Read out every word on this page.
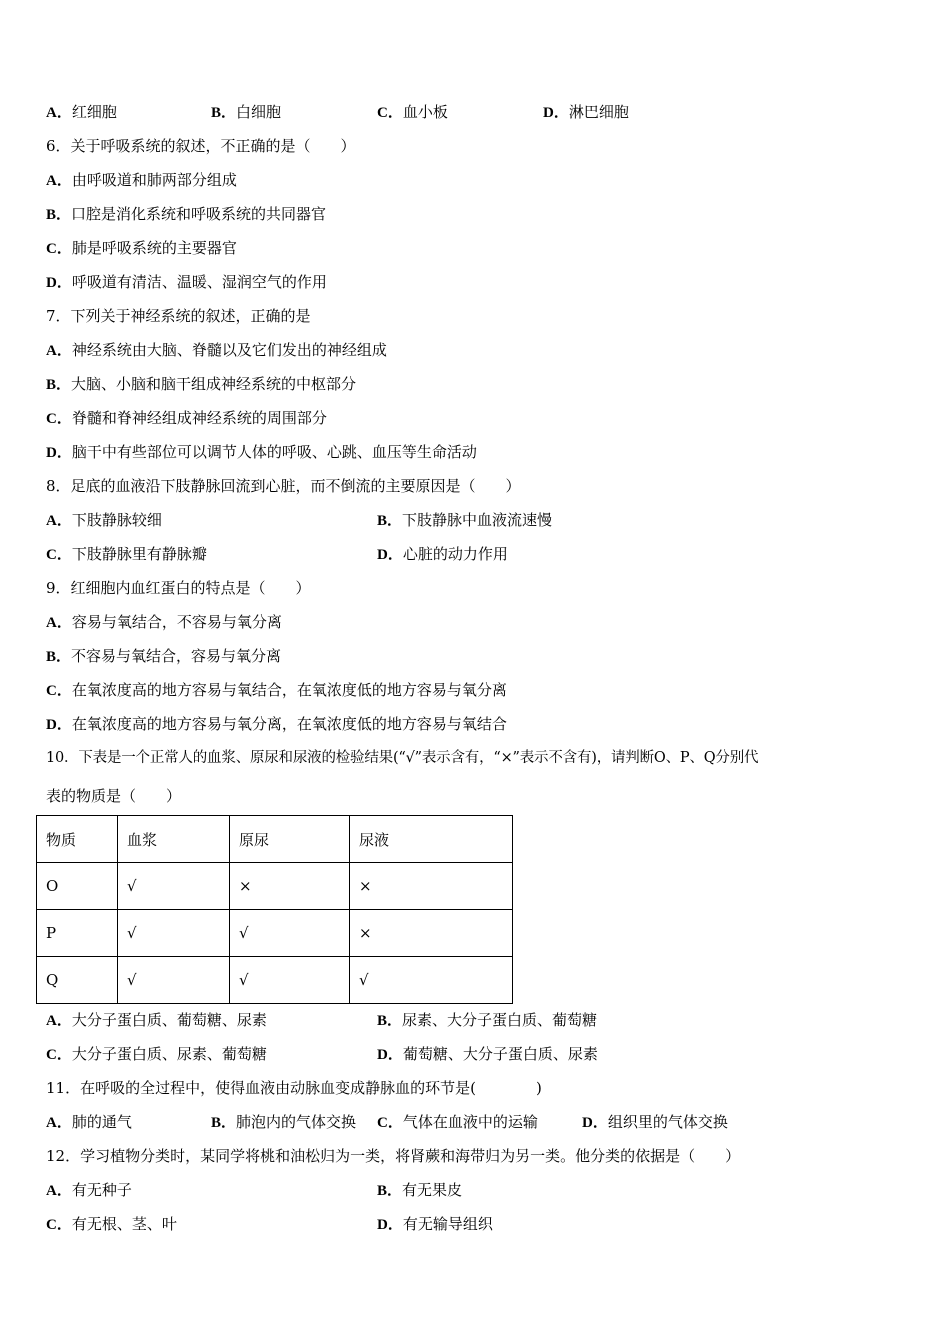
A．红细胞	B．白细胞	C．血小板	D．淋巴细胞
6．关于呼吸系统的叙述，不正确的是（　　）
A．由呼吸道和肺两部分组成
B．口腔是消化系统和呼吸系统的共同器官
C．肺是呼吸系统的主要器官
D．呼吸道有清洁、温暖、湿润空气的作用
7．下列关于神经系统的叙述，正确的是
A．神经系统由大脑、脊髓以及它们发出的神经组成
B．大脑、小脑和脑干组成神经系统的中枢部分
C．脊髓和脊神经组成神经系统的周围部分
D．脑干中有些部位可以调节人体的呼吸、心跳、血压等生命活动
8．足底的血液沿下肢静脉回流到心脏，而不倒流的主要原因是（　　）
A．下肢静脉较细	B．下肢静脉中血液流速慢
C．下肢静脉里有静脉瓣	D．心脏的动力作用
9．红细胞内血红蛋白的特点是（　　）
A．容易与氧结合，不容易与氧分离
B．不容易与氧结合，容易与氧分离
C．在氧浓度高的地方容易与氧结合，在氧浓度低的地方容易与氧分离
D．在氧浓度高的地方容易与氧分离，在氧浓度低的地方容易与氧结合
10．下表是一个正常人的血浆、原尿和尿液的检验结果(“√”表示含有，“×”表示不含有)，请判断O、P、Q分别代
表的物质是（　　）
物质	血浆	原尿	尿液
O	√	×	×
P	√	√	×
Q	√	√	√
A．大分子蛋白质、葡萄糖、尿素	B．尿素、大分子蛋白质、葡萄糖
C．大分子蛋白质、尿素、葡萄糖	D．葡萄糖、大分子蛋白质、尿素
11．在呼吸的全过程中，使得血液由动脉血变成静脉血的环节是(　　　　)
A．肺的通气	B．肺泡内的气体交换 C．气体在血液中的运输	D．组织里的气体交换
12．学习植物分类时，某同学将桃和油松归为一类，将肾蕨和海带归为另一类。他分类的依据是（　　）
A．有无种子	B．有无果皮
C．有无根、茎、叶	D．有无输导组织
